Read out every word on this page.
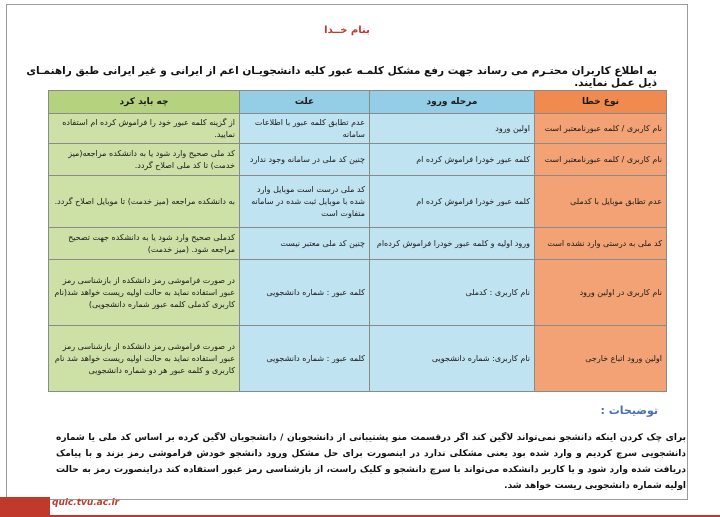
بنام خــدا
به اطلاع کاربران محتـرم می رساند جهت رفع مشکل کلمـه عبور کلیه دانشجویـان اعم از ایرانی و غیر ایرانی طبق راهنمـای ذیل عمل نمایند.
نوع خطا	مرحله ورود	علت	چه باید کرد
نام کاربری / کلمه عبورنامعتبر است	اولین ورود	عدم تطابق کلمه عبور با اطلاعات سامانه	از گزینه کلمه عبور خود را فراموش کرده ام استفاده نمایید.
نام کاربری / کلمه عبورنامعتبر است	کلمه عبور خودرا فراموش کرده ام	چنین کد ملی در سامانه وجود ندارد	کد ملی صحیح وارد شود یا به دانشکده مراجعه(میز خدمت) تا کد ملی اصلاح گردد.
عدم تطابق موبایل با کدملی	کلمه عبور خودرا فراموش کرده ام	کد ملی درست است موبایل وارد شده با موبایل ثبت شده در سامانه متفاوت است	به دانشکده مراجعه (میز خدمت) تا موبایل اصلاح گردد.
کد ملی به درستی وارد نشده است	ورود اولیه و کلمه عبور خودرا فراموش کرده‌ام	چنین کد ملی معتبر نیست	کدملی صحیح وارد شود یا به دانشکده جهت تصحیح مراجعه شود. (میز خدمت)
نام کاربری در اولین ورود	نام کاربری : کدملی	کلمه عبور : شماره دانشجویی	در صورت فراموشی رمز دانشکده از بازشناسی رمز عبور استفاده نماید به حالت اولیه ریست خواهد شد(نام کاربری کدملی کلمه عبور شماره دانشجویی)
اولین ورود اتباع خارجی	نام کاربری: شماره دانشجویی	کلمه عبور : شماره دانشجویی	در صورت فراموشی رمز دانشکده از بازشناسی رمز عبور استفاده نماید به حالت اولیه ریست خواهد شد نام کاربری و کلمه عبور هر دو شماره دانشجویی
توضیحات :
برای چک کردن اینکه دانشجو نمی‌تواند لاگین کند اگر درقسمت منو پشتیبانی از دانشجویان / دانشجویان لاگین کرده بر اساس کد ملی یا شماره دانشجویی سرچ کردیم و وارد شده بود یعنی مشکلی ندارد در اینصورت برای حل مشکل ورود دانشجو خودش فراموشی رمز بزند و با پیامک دریافت شده وارد شود و یا کاربر دانشکده می‌تواند با سرچ دانشجو و کلیک راست، از بازشناسی رمز عبور استفاده کند دراینصورت رمز به حالت اولیه شماره دانشجویی ریست خواهد شد.
quic.tvu.ac.ir
